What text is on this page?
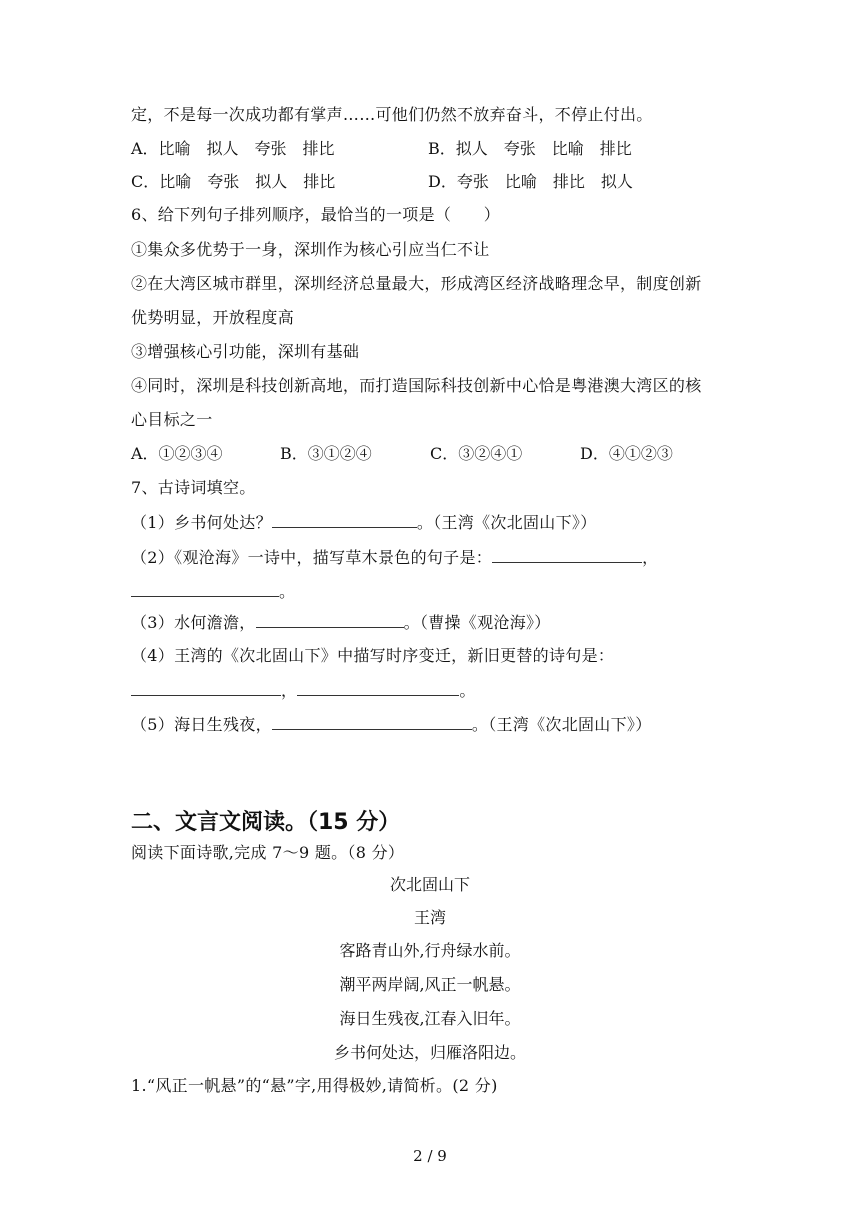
定，不是每一次成功都有掌声……可他们仍然不放弃奋斗，不停止付出。
A．比喻　拟人　夸张　排比	B．拟人　夸张　比喻　排比
C．比喻　夸张　拟人　排比	D．夸张　比喻　排比　拟人
6、给下列句子排列顺序，最恰当的一项是（　　）
①集众多优势于一身，深圳作为核心引应当仁不让
②在大湾区城市群里，深圳经济总量最大，形成湾区经济战略理念早，制度创新
优势明显，开放程度高
③增强核心引功能，深圳有基础
④同时，深圳是科技创新高地，而打造国际科技创新中心恰是粤港澳大湾区的核
心目标之一
A．①②③④	B．③①②④	C．③②④①	D．④①②③
7、古诗词填空。
（1）乡书何处达？	。（王湾《次北固山下》）
（2）《观沧海》一诗中，描写草木景色的句子是：	，
。
（3）水何澹澹，	。（曹操《观沧海》）
（4）王湾的《次北固山下》中描写时序变迁，新旧更替的诗句是：
，	。
（5）海日生残夜，	。（王湾《次北固山下》）
二、文言文阅读。（15 分）
阅读下面诗歌,完成 7～9 题。（8 分）
次北固山下
王湾
客路青山外,行舟绿水前。
潮平两岸阔,风正一帆悬。
海日生残夜,江春入旧年。
乡书何处达，归雁洛阳边。
1.“风正一帆悬”的“悬”字,用得极妙,请简析。(2 分)
2 / 9
